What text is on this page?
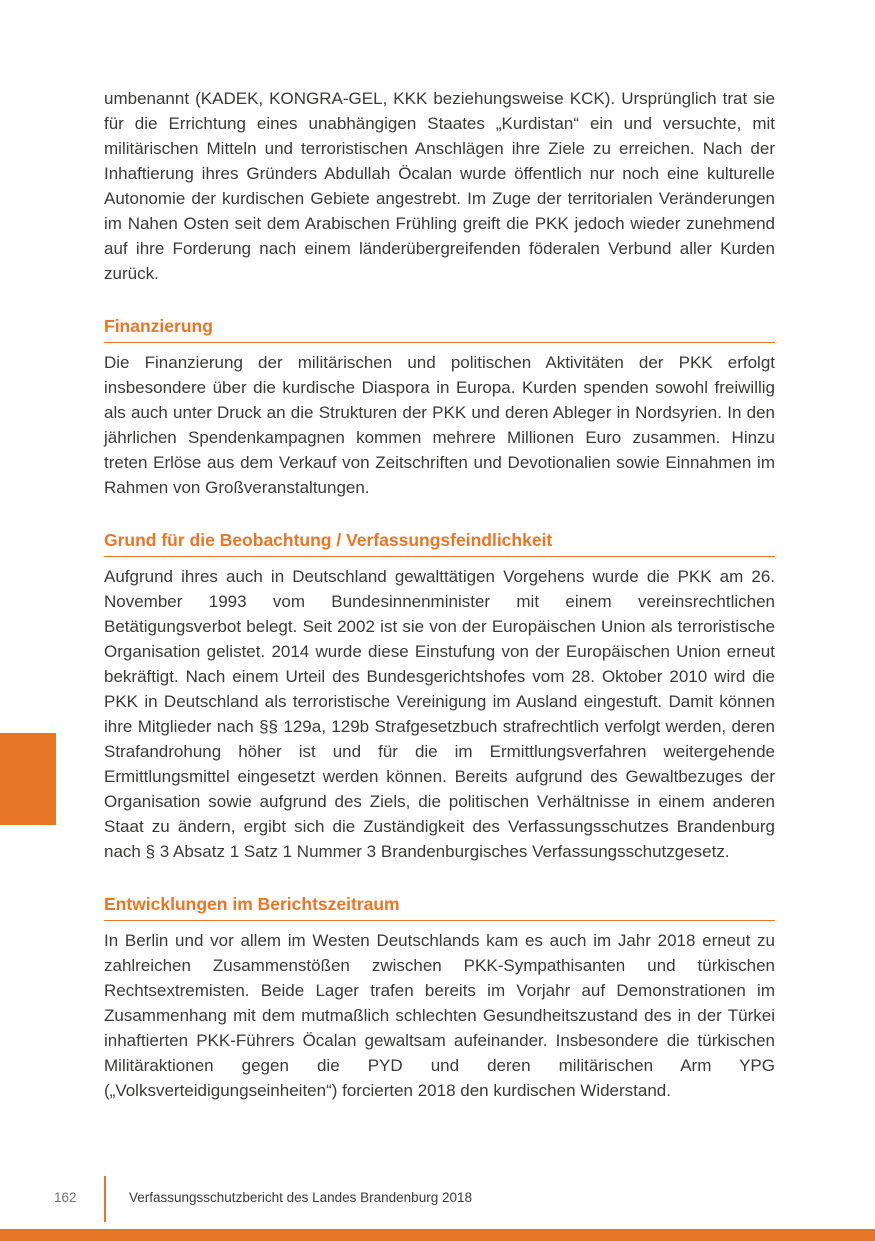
umbenannt (KADEK, KONGRA-GEL, KKK beziehungsweise KCK). Ursprünglich trat sie für die Errichtung eines unabhängigen Staates „Kurdistan“ ein und versuchte, mit militärischen Mitteln und terroristischen Anschlägen ihre Ziele zu erreichen. Nach der Inhaftierung ihres Gründers Abdullah Öcalan wurde öffentlich nur noch eine kulturelle Autonomie der kurdischen Gebiete angestrebt. Im Zuge der territorialen Veränderungen im Nahen Osten seit dem Arabischen Frühling greift die PKK jedoch wieder zunehmend auf ihre Forderung nach einem länderübergreifenden föderalen Verbund aller Kurden zurück.

Finanzierung

Die Finanzierung der militärischen und politischen Aktivitäten der PKK erfolgt insbesondere über die kurdische Diaspora in Europa. Kurden spenden sowohl freiwillig als auch unter Druck an die Strukturen der PKK und deren Ableger in Nordsyrien. In den jährlichen Spendenkampagnen kommen mehrere Millionen Euro zusammen. Hinzu treten Erlöse aus dem Verkauf von Zeitschriften und Devotionalien sowie Einnahmen im Rahmen von Großveranstaltungen.

Grund für die Beobachtung / Verfassungsfeindlichkeit

Aufgrund ihres auch in Deutschland gewalttätigen Vorgehens wurde die PKK am 26. November 1993 vom Bundesinnenminister mit einem vereinsrechtlichen Betätigungsverbot belegt. Seit 2002 ist sie von der Europäischen Union als terroristische Organisation gelistet. 2014 wurde diese Einstufung von der Europäischen Union erneut bekräftigt. Nach einem Urteil des Bundesgerichtshofes vom 28. Oktober 2010 wird die PKK in Deutschland als terroristische Vereinigung im Ausland eingestuft. Damit können ihre Mitglieder nach §§ 129a, 129b Strafgesetzbuch strafrechtlich verfolgt werden, deren Strafandrohung höher ist und für die im Ermittlungsverfahren weitergehende Ermittlungsmittel eingesetzt werden können. Bereits aufgrund des Gewaltbezuges der Organisation sowie aufgrund des Ziels, die politischen Verhältnisse in einem anderen Staat zu ändern, ergibt sich die Zuständigkeit des Verfassungsschutzes Brandenburg nach § 3 Absatz 1 Satz 1 Nummer 3 Brandenburgisches Verfassungsschutzgesetz.

Entwicklungen im Berichtszeitraum

In Berlin und vor allem im Westen Deutschlands kam es auch im Jahr 2018 erneut zu zahlreichen Zusammenstößen zwischen PKK-Sympathisanten und türkischen Rechtsextremisten. Beide Lager trafen bereits im Vorjahr auf Demonstrationen im Zusammenhang mit dem mutmaßlich schlechten Gesundheitszustand des in der Türkei inhaftierten PKK-Führers Öcalan gewaltsam aufeinander. Insbesondere die türkischen Militäraktionen gegen die PYD und deren militärischen Arm YPG („Volksverteidigungseinheiten“) forcierten 2018 den kurdischen Widerstand.

162	Verfassungsschutzbericht des Landes Brandenburg 2018
